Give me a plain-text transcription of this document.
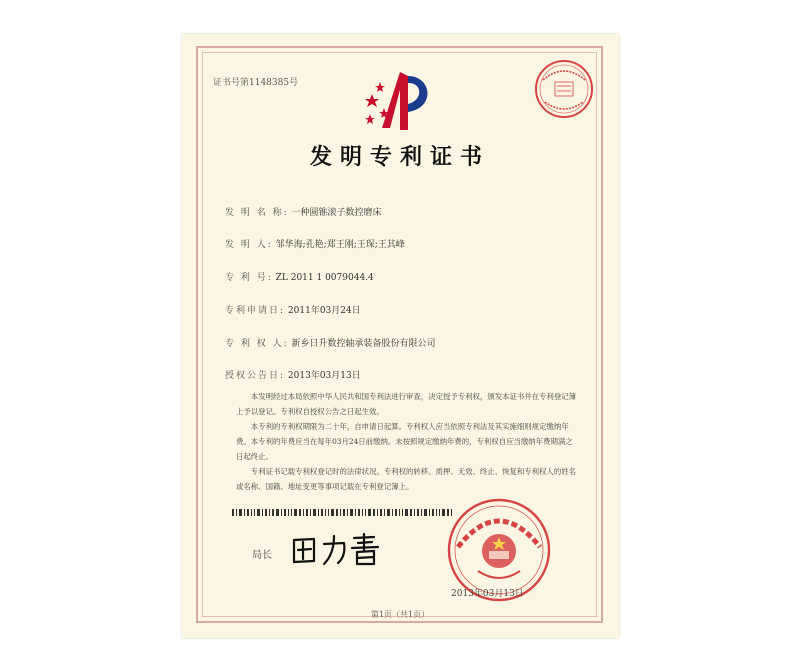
证书号第1148385号
发明专利证书
发 明 名 称: 一种圆锥滚子数控磨床
发 明 人: 邹华海;孔艳;郑王刚;王琛;王其峰
专 利 号: ZL 2011 1 0079044.4
专利申请日: 2011年03月24日
专 利 权 人: 新乡日升数控轴承装备股份有限公司
授权公告日: 2013年03月13日

本发明经过本局依照中华人民共和国专利法进行审查，决定授予专利权，颁发本证书并在专利登记簿上予以登记。专利权自授权公告之日起生效。

本专利的专利权期限为二十年，自申请日起算。专利权人应当依照专利法及其实施细则规定缴纳年费。本专利的年费应当在每年03月24日前缴纳。未按照规定缴纳年费的，专利权自应当缴纳年费期满之日起终止。

专利证书记载专利权登记时的法律状况。专利权的转移、质押、无效、终止、恢复和专利权人的姓名或名称、国籍、地址变更等事项记载在专利登记簿上。

局长
2013年03月13日
第1页（共1页）
